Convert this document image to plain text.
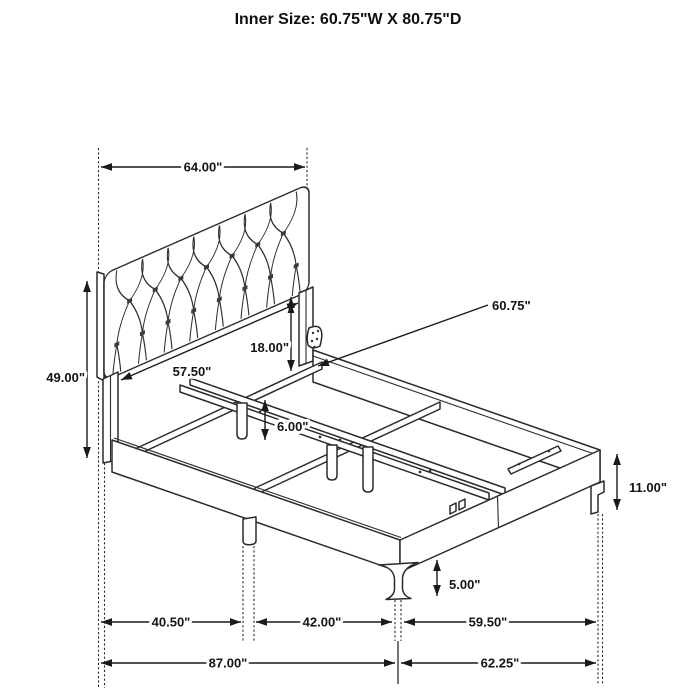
Inner Size: 60.75"W X 80.75"D
64.00"
49.00"	57.50"
18.00"
60.75"
6.00"
11.00"
5.00"
40.50"	42.00"	59.50"
87.00"	62.25"
